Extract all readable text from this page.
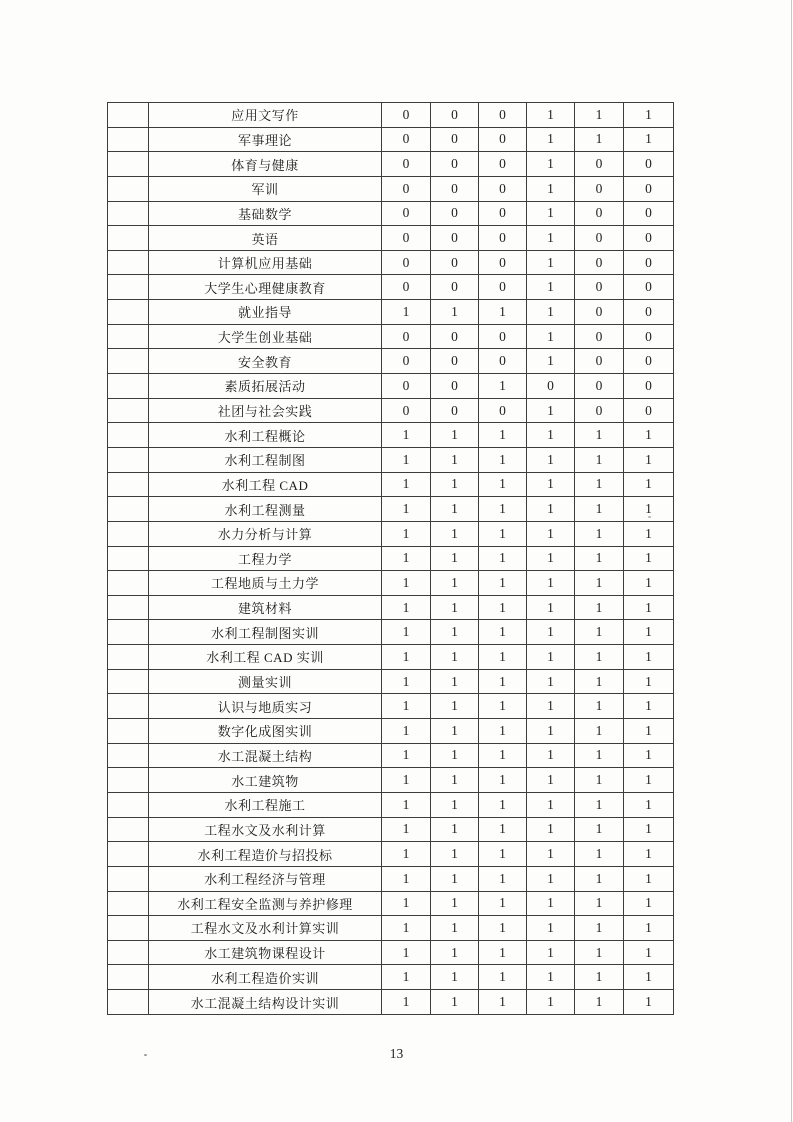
	应用文写作	0	0	0	1	1	1
	军事理论	0	0	0	1	1	1
	体育与健康	0	0	0	1	0	0
	军训	0	0	0	1	0	0
	基础数学	0	0	0	1	0	0
	英语	0	0	0	1	0	0
	计算机应用基础	0	0	0	1	0	0
	大学生心理健康教育	0	0	0	1	0	0
	就业指导	1	1	1	1	0	0
	大学生创业基础	0	0	0	1	0	0
	安全教育	0	0	0	1	0	0
	素质拓展活动	0	0	1	0	0	0
	社团与社会实践	0	0	0	1	0	0
	水利工程概论	1	1	1	1	1	1
	水利工程制图	1	1	1	1	1	1
	水利工程 CAD	1	1	1	1	1	1
	水利工程测量	1	1	1	1	1	1
	水力分析与计算	1	1	1	1	1	1
	工程力学	1	1	1	1	1	1
	工程地质与土力学	1	1	1	1	1	1
	建筑材料	1	1	1	1	1	1
	水利工程制图实训	1	1	1	1	1	1
	水利工程 CAD 实训	1	1	1	1	1	1
	测量实训	1	1	1	1	1	1
	认识与地质实习	1	1	1	1	1	1
	数字化成图实训	1	1	1	1	1	1
	水工混凝土结构	1	1	1	1	1	1
	水工建筑物	1	1	1	1	1	1
	水利工程施工	1	1	1	1	1	1
	工程水文及水利计算	1	1	1	1	1	1
	水利工程造价与招投标	1	1	1	1	1	1
	水利工程经济与管理	1	1	1	1	1	1
	水利工程安全监测与养护修理	1	1	1	1	1	1
	工程水文及水利计算实训	1	1	1	1	1	1
	水工建筑物课程设计	1	1	1	1	1	1
	水利工程造价实训	1	1	1	1	1	1
	水工混凝土结构设计实训	1	1	1	1	1	1
13
